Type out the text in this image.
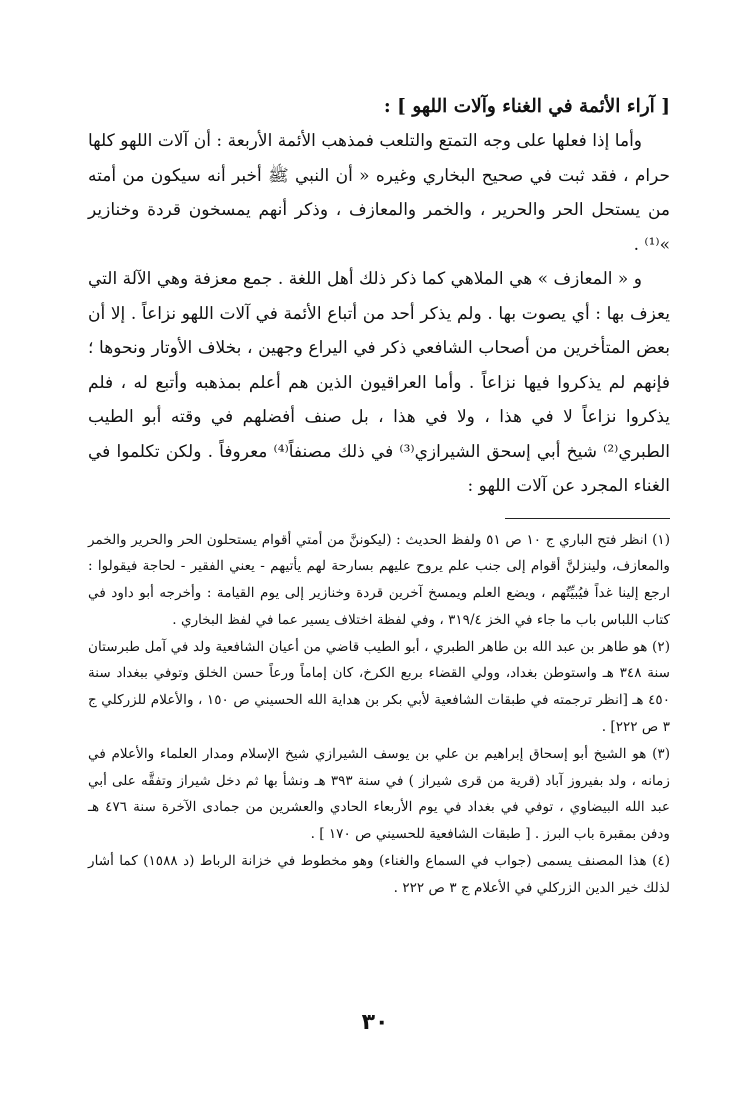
[ آراء الأئمة في الغناء وآلات اللهو ] :

وأما إذا فعلها على وجه التمتع والتلعب فمذهب الأئمة الأربعة : أن آلات اللهو كلها حرام ، فقد ثبت في صحيح البخاري وغيره « أن النبي ﷺ أخبر أنه سيكون من أمته من يستحل الحر والحرير ، والخمر والمعازف ، وذكر أنهم يمسخون قردة وخنازير »⁽¹⁾ .

و « المعازف » هي الملاهي كما ذكر ذلك أهل اللغة . جمع معزفة وهي الآلة التي يعزف بها : أي يصوت بها . ولم يذكر أحد من أتباع الأئمة في آلات اللهو نزاعاً . إلا أن بعض المتأخرين من أصحاب الشافعي ذكر في اليراع وجهين ، بخلاف الأوتار ونحوها ؛ فإنهم لم يذكروا فيها نزاعاً . وأما العراقيون الذين هم أعلم بمذهبه وأتبع له ، فلم يذكروا نزاعاً لا في هذا ، ولا في هذا ، بل صنف أفضلهم في وقته أبو الطيب الطبري⁽²⁾ شيخ أبي إسحق الشيرازي⁽³⁾ في ذلك مصنفاً⁽⁴⁾ معروفاً . ولكن تكلموا في الغناء المجرد عن آلات اللهو :

(١) انظر فتح الباري ج ١٠ ص ٥١ ولفظ الحديث : (ليكوننَّ من أمتي أقوام يستحلون الحر والحرير والخمر والمعازف، ولينزلنَّ أقوام إلى جنب علم يروح عليهم بسارحة لهم يأتيهم - يعني الفقير - لحاجة فيقولوا : ارجع إلينا غداً فيُبيِّتُهم ، ويضع العلم ويمسخ آخرين قردة وخنازير إلى يوم القيامة : وأخرجه أبو داود في كتاب اللباس باب ما جاء في الخز ٣١٩/٤ ، وفي لفظة اختلاف يسير عما في لفظ البخاري .

(٢) هو طاهر بن عبد الله بن طاهر الطبري ، أبو الطيب قاضي من أعيان الشافعية ولد في آمل طبرستان سنة ٣٤٨ هـ واستوطن بغداد، وولي القضاء بربع الكرخ، كان إماماً ورعاً حسن الخلق وتوفي ببغداد سنة ٤٥٠ هـ [انظر ترجمته في طبقات الشافعية لأبي بكر بن هداية الله الحسيني ص ١٥٠ ، والأعلام للزركلي ج ٣ ص ٢٢٢] .

(٣) هو الشيخ أبو إسحاق إبراهيم بن علي بن يوسف الشيرازي شيخ الإسلام ومدار العلماء والأعلام في زمانه ، ولد بفيروز آباد (قرية من قرى شيراز ) في سنة ٣٩٣ هـ ونشأ بها ثم دخل شيراز وتفقَّه على أبي عبد الله البيضاوي ، توفي في بغداد في يوم الأربعاء الحادي والعشرين من جمادى الآخرة سنة ٤٧٦ هـ ودفن بمقبرة باب البرز . [ طبقات الشافعية للحسيني ص ١٧٠ ] .

(٤) هذا المصنف يسمى (جواب في السماع والغناء) وهو مخطوط في خزانة الرباط (د ١٥٨٨) كما أشار لذلك خير الدين الزركلي في الأعلام ج ٣ ص ٢٢٢ .

٣٠
